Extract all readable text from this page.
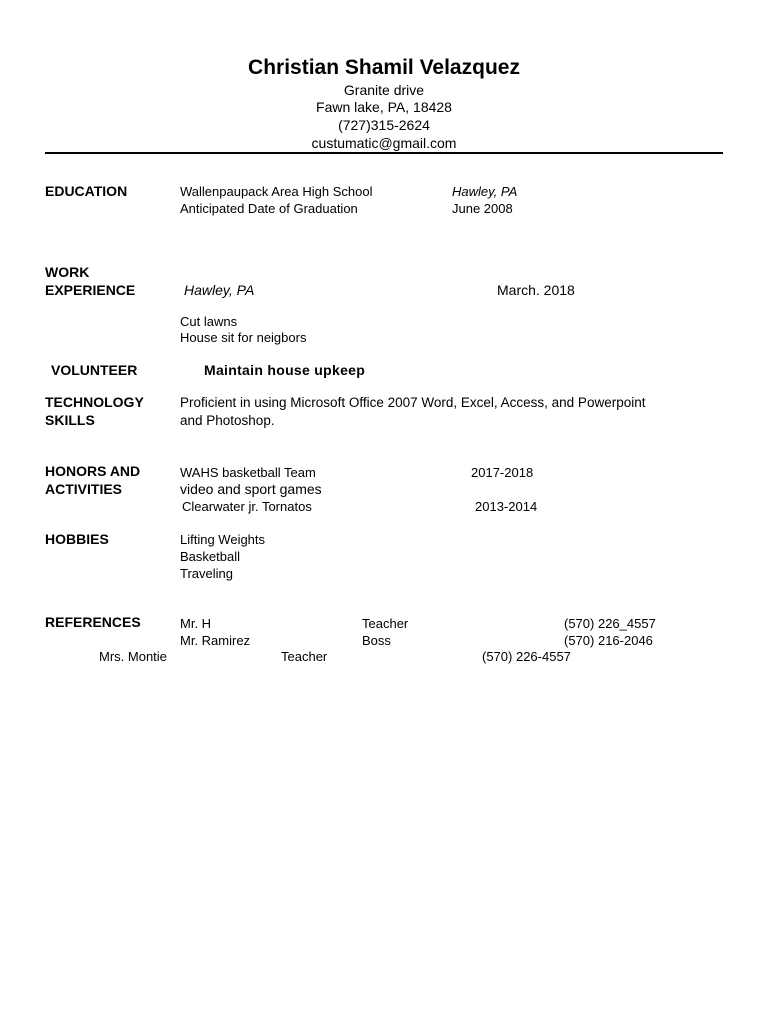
Christian Shamil Velazquez
Granite drive
Fawn lake, PA, 18428
(727)315-2624
custumatic@gmail.com
EDUCATION	Wallenpaupack Area High School	Hawley, PA
Anticipated Date of Graduation	June 2008
WORK
EXPERIENCE	Hawley, PA	March. 2018
Cut lawns
House sit for neigbors
VOLUNTEER	Maintain house upkeep
TECHNOLOGY
SKILLS
Proficient in using Microsoft Office 2007 Word, Excel, Access, and Powerpoint
and Photoshop.
HONORS AND
ACTIVITIES
WAHS basketball Team	2017-2018
video and sport games
Clearwater jr. Tornatos	2013-2014
HOBBIES	Lifting Weights
Basketball
Traveling
REFERENCES	Mr. H	Teacher	(570) 226_4557
Mr. Ramirez	Boss	(570) 216-2046
Mrs. Montie	Teacher	(570) 226-4557
